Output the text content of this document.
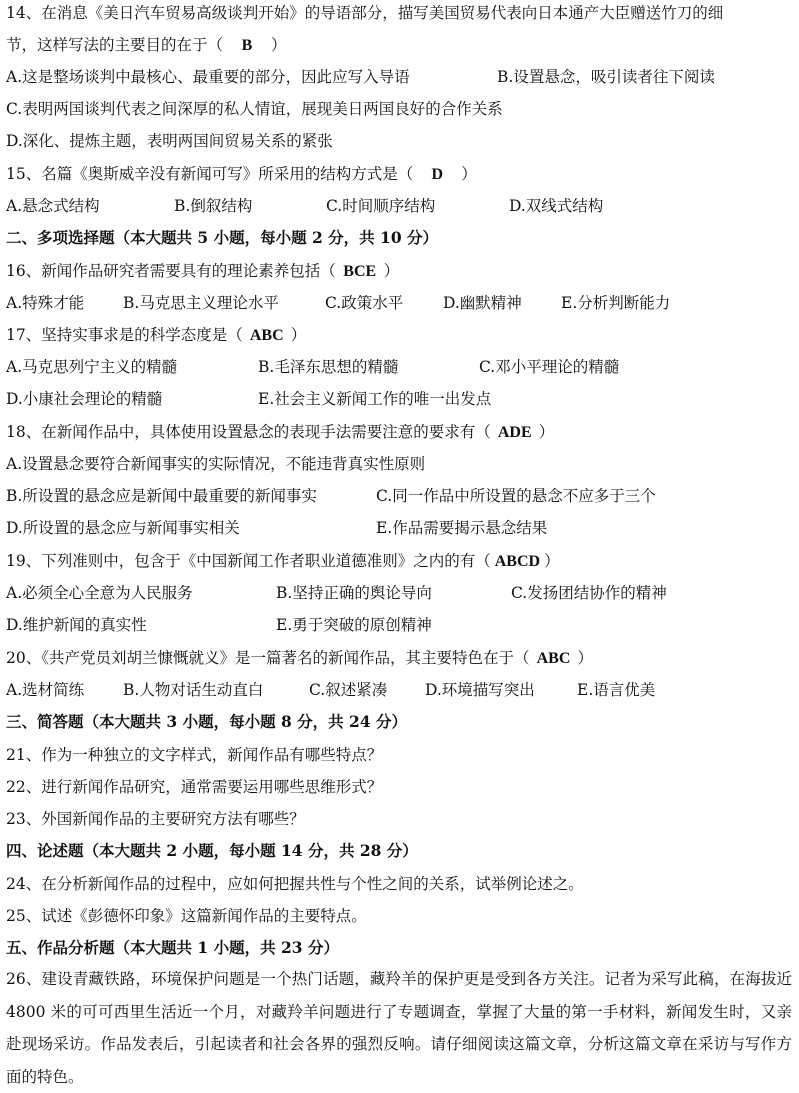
14、在消息《美日汽车贸易高级谈判开始》的导语部分，描写美国贸易代表向日本通产大臣赠送竹刀的细
节，这样写法的主要目的在于（ B ）
A.这是整场谈判中最核心、最重要的部分，因此应写入导语	B.设置悬念，吸引读者往下阅读
C.表明两国谈判代表之间深厚的私人情谊，展现美日两国良好的合作关系
D.深化、提炼主题，表明两国间贸易关系的紧张
15、名篇《奥斯威辛没有新闻可写》所采用的结构方式是（ D ）
A.悬念式结构	B.倒叙结构	C.时间顺序结构	D.双线式结构
二、多项选择题（本大题共 5 小题，每小题 2 分，共 10 分）
16、新闻作品研究者需要具有的理论素养包括（ BCE ）
A.特殊才能	B.马克思主义理论水平	C.政策水平	D.幽默精神	E.分析判断能力
17、坚持实事求是的科学态度是（ ABC ）
A.马克思列宁主义的精髓	B.毛泽东思想的精髓	C.邓小平理论的精髓
D.小康社会理论的精髓	E.社会主义新闻工作的唯一出发点
18、在新闻作品中，具体使用设置悬念的表现手法需要注意的要求有（ ADE ）
A.设置悬念要符合新闻事实的实际情况，不能违背真实性原则
B.所设置的悬念应是新闻中最重要的新闻事实	C.同一作品中所设置的悬念不应多于三个
D.所设置的悬念应与新闻事实相关	E.作品需要揭示悬念结果
19、下列准则中，包含于《中国新闻工作者职业道德准则》之内的有（ ABCD ）
A.必须全心全意为人民服务	B.坚持正确的舆论导向	C.发扬团结协作的精神
D.维护新闻的真实性	E.勇于突破的原创精神
20、《共产党员刘胡兰慷慨就义》是一篇著名的新闻作品，其主要特色在于（ ABC ）
A.选材简练	B.人物对话生动直白	C.叙述紧凑 D.环境描写突出	E.语言优美
三、简答题（本大题共 3 小题，每小题 8 分，共 24 分）
21、作为一种独立的文字样式，新闻作品有哪些特点？
22、进行新闻作品研究，通常需要运用哪些思维形式？
23、外国新闻作品的主要研究方法有哪些？
四、论述题（本大题共 2 小题，每小题 14 分，共 28 分）
24、在分析新闻作品的过程中，应如何把握共性与个性之间的关系，试举例论述之。
25、试述《彭德怀印象》这篇新闻作品的主要特点。
五、作品分析题（本大题共 1 小题，共 23 分）
26、建设青藏铁路，环境保护问题是一个热门话题，藏羚羊的保护更是受到各方关注。记者为采写此稿，在海拔近 4800 米的可可西里生活近一个月，对藏羚羊问题进行了专题调查，掌握了大量的第一手材料，新闻发生时，又亲赴现场采访。作品发表后，引起读者和社会各界的强烈反响。请仔细阅读这篇文章，分析这篇文章在采访与写作方面的特色。
